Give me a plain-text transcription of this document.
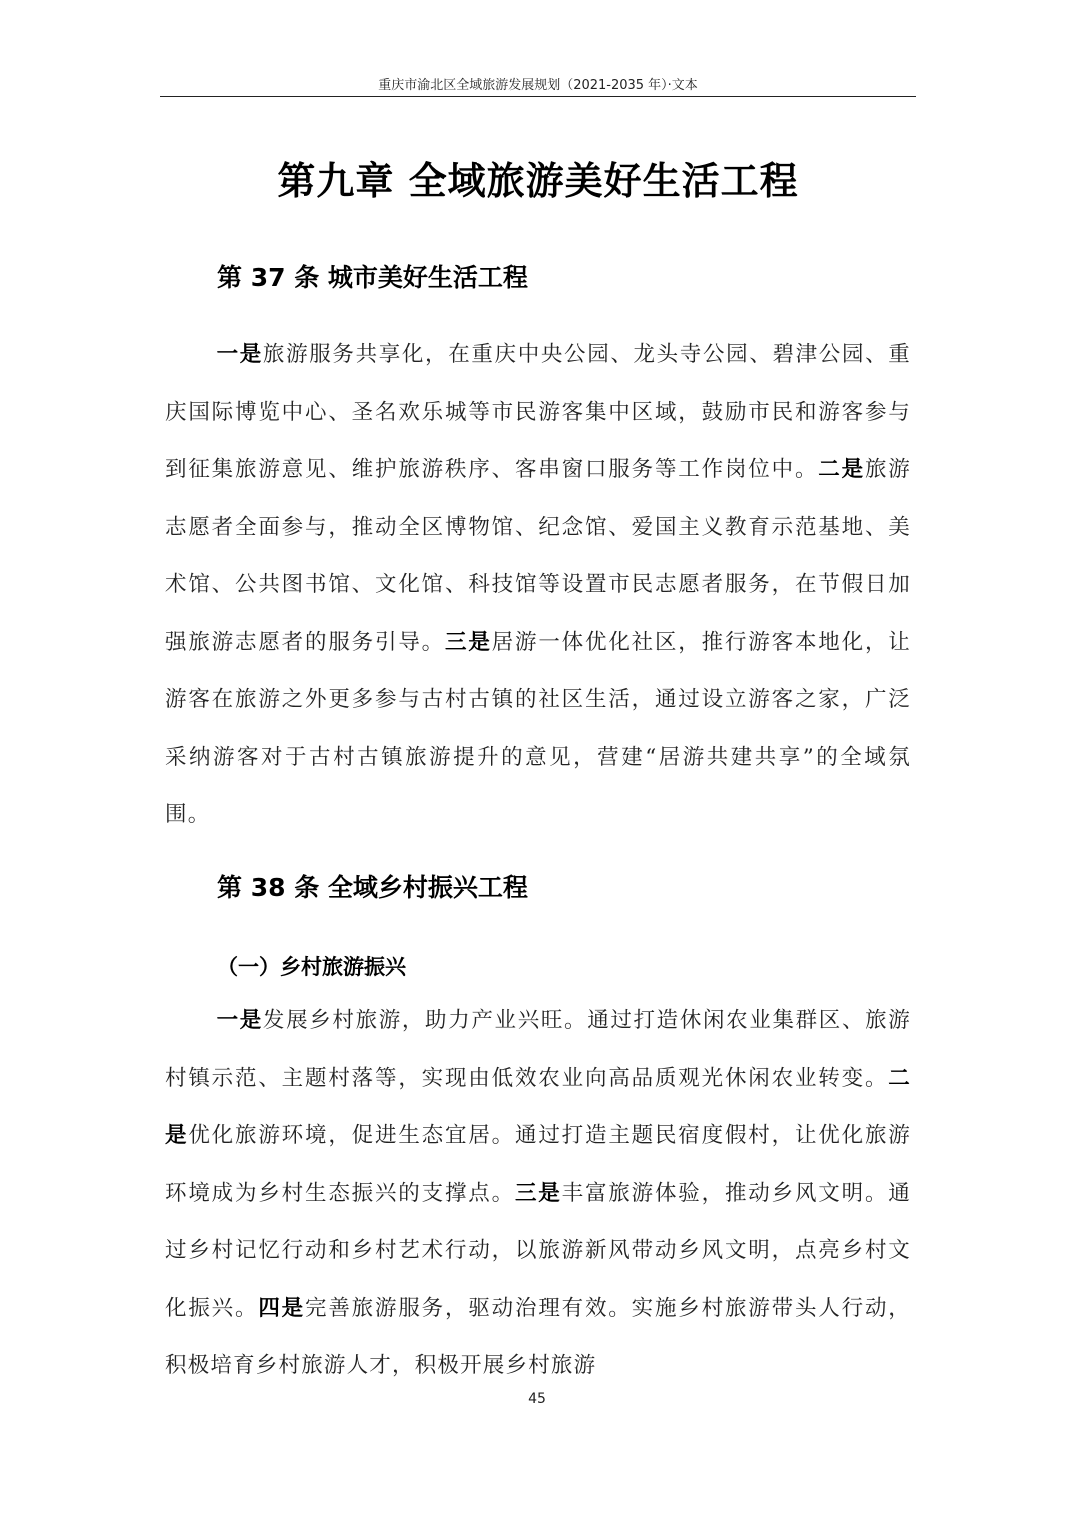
重庆市渝北区全域旅游发展规划（2021-2035 年）·文本
第九章 全域旅游美好生活工程
第 37 条 城市美好生活工程

一是旅游服务共享化，在重庆中央公园、龙头寺公园、碧津公园、重庆国际博览中心、圣名欢乐城等市民游客集中区域，鼓励市民和游客参与到征集旅游意见、维护旅游秩序、客串窗口服务等工作岗位中。二是旅游志愿者全面参与，推动全区博物馆、纪念馆、爱国主义教育示范基地、美术馆、公共图书馆、文化馆、科技馆等设置市民志愿者服务，在节假日加强旅游志愿者的服务引导。三是居游一体优化社区，推行游客本地化，让游客在旅游之外更多参与古村古镇的社区生活，通过设立游客之家，广泛采纳游客对于古村古镇旅游提升的意见，营建“居游共建共享”的全域氛围。

第 38 条 全域乡村振兴工程
（一）乡村旅游振兴

一是发展乡村旅游，助力产业兴旺。通过打造休闲农业集群区、旅游村镇示范、主题村落等，实现由低效农业向高品质观光休闲农业转变。二是优化旅游环境，促进生态宜居。通过打造主题民宿度假村，让优化旅游环境成为乡村生态振兴的支撑点。三是丰富旅游体验，推动乡风文明。通过乡村记忆行动和乡村艺术行动，以旅游新风带动乡风文明，点亮乡村文化振兴。四是完善旅游服务，驱动治理有效。实施乡村旅游带头人行动，积极培育乡村旅游人才，积极开展乡村旅游

45
